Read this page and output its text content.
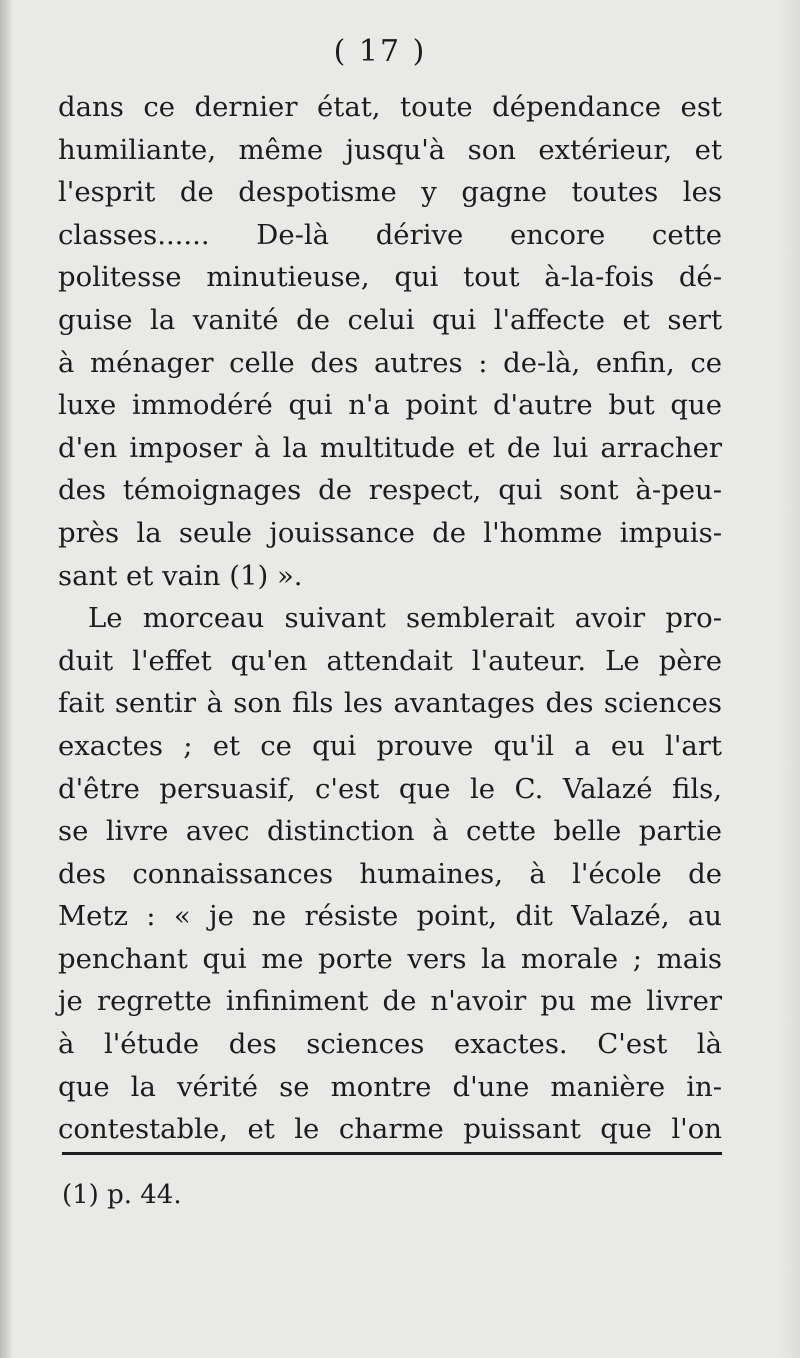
( 17 )
dans ce dernier état, toute dépendance est
humiliante, même jusqu'à son extérieur, et
l'esprit de despotisme y gagne toutes les
classes...... De-là dérive encore cette
politesse minutieuse, qui tout à-la-fois dé-
guise la vanité de celui qui l'affecte et sert
à ménager celle des autres : de-là, enfin, ce
luxe immodéré qui n'a point d'autre but que
d'en imposer à la multitude et de lui arracher
des témoignages de respect, qui sont à-peu-
près la seule jouissance de l'homme impuis-
sant et vain (1) ».
Le morceau suivant semblerait avoir pro-
duit l'effet qu'en attendait l'auteur. Le père
fait sentir à son fils les avantages des sciences
exactes ; et ce qui prouve qu'il a eu l'art
d'être persuasif, c'est que le C. Valazé fils,
se livre avec distinction à cette belle partie
des connaissances humaines, à l'école de
Metz : « je ne résiste point, dit Valazé, au
penchant qui me porte vers la morale ; mais
je regrette infiniment de n'avoir pu me livrer
à l'étude des sciences exactes. C'est là
que la vérité se montre d'une manière in-
contestable, et le charme puissant que l'on
(1) p. 44.
